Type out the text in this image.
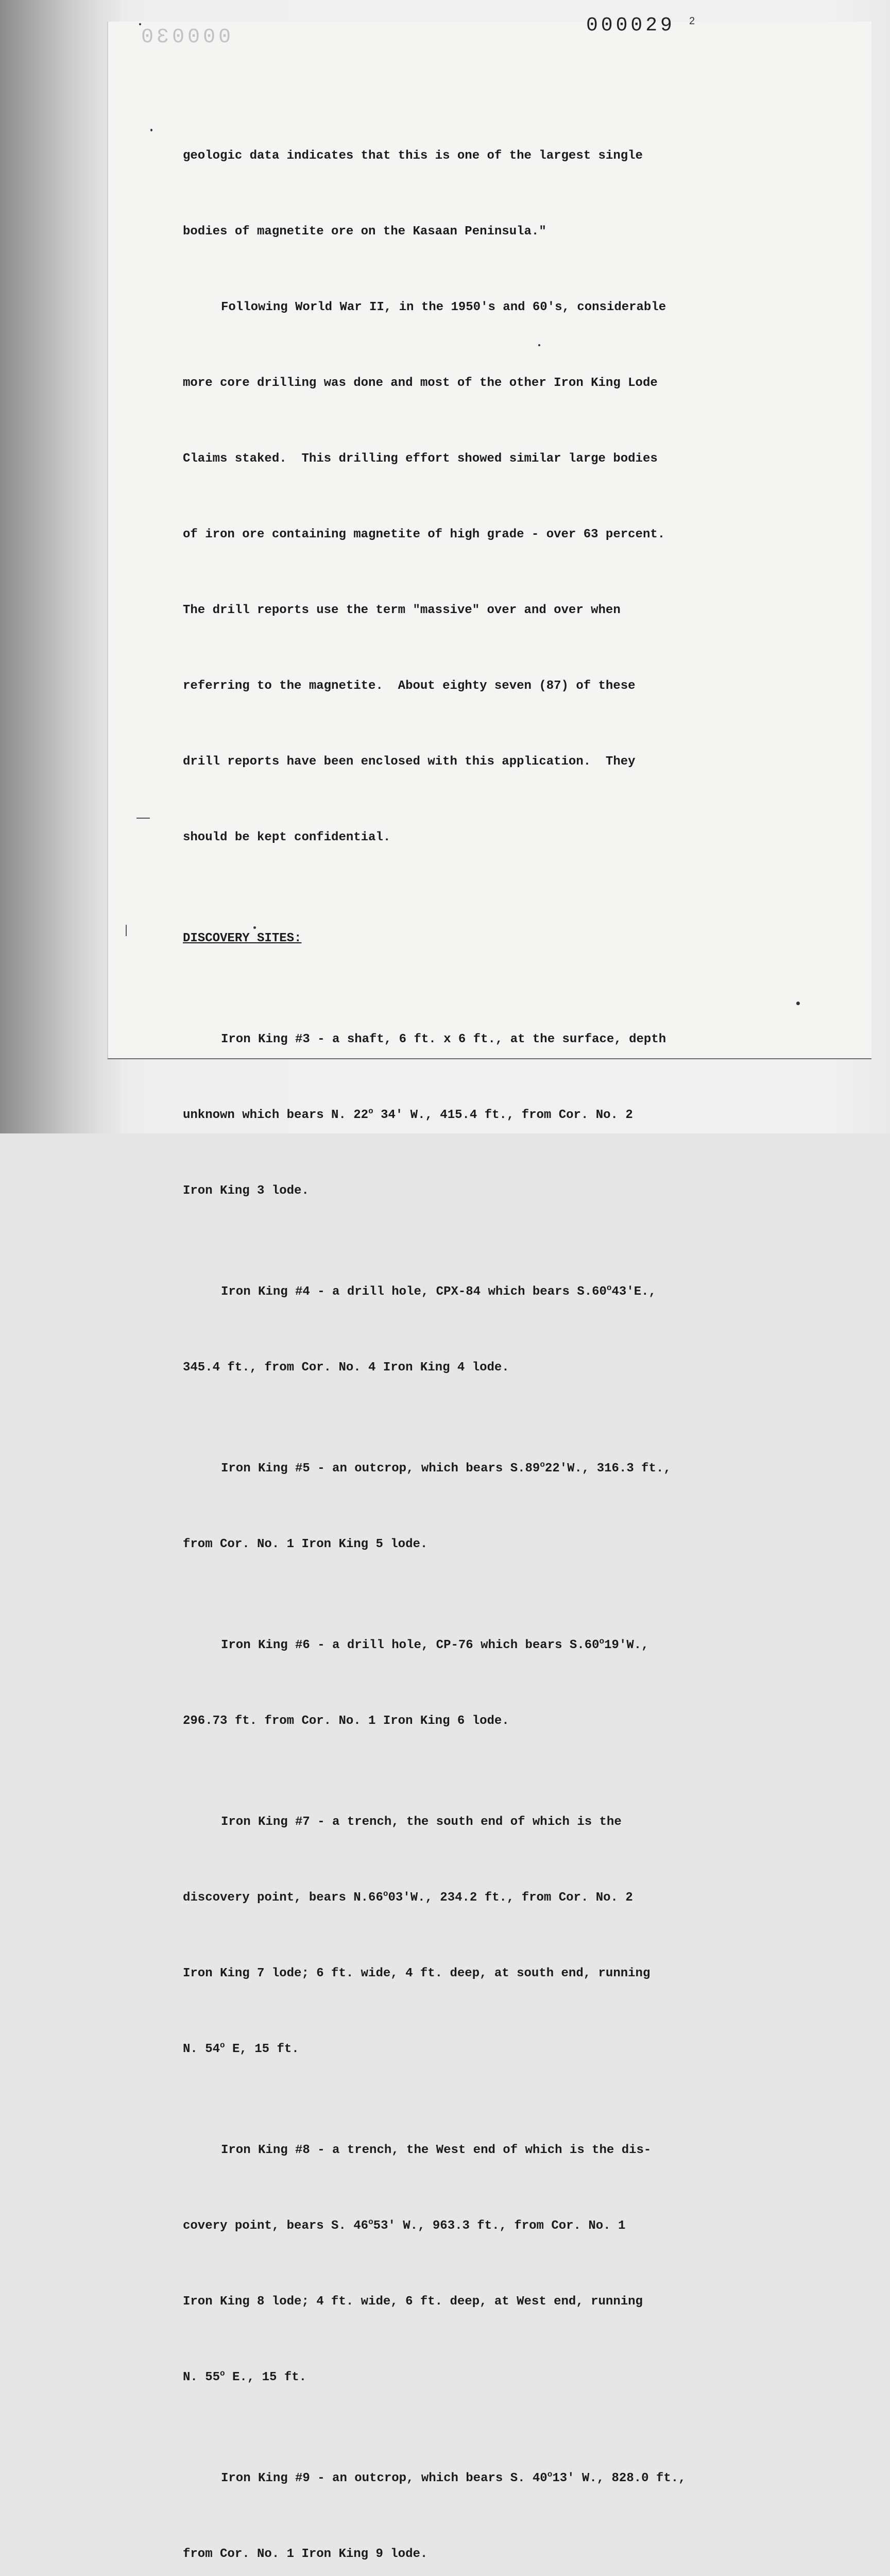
000030
000029 2

geologic data indicates that this is one of the largest single

bodies of magnetite ore on the Kasaan Peninsula."

Following World War II, in the 1950's and 60's, considerable

more core drilling was done and most of the other Iron King Lode

Claims staked.  This drilling effort showed similar large bodies

of iron ore containing magnetite of high grade - over 63 percent.

The drill reports use the term "massive" over and over when

referring to the magnetite.  About eighty seven (87) of these

drill reports have been enclosed with this application.  They

should be kept confidential.

DISCOVERY SITES:

Iron King #3 - a shaft, 6 ft. x 6 ft., at the surface, depth

unknown which bears N. 22$^o$ 34' W., 415.4 ft., from Cor. No. 2

Iron King 3 lode.

Iron King #4 - a drill hole, CPX-84 which bears S.60$^o$43'E.,

345.4 ft., from Cor. No. 4 Iron King 4 lode.

Iron King #5 - an outcrop, which bears S.89$^o$22'W., 316.3 ft.,

from Cor. No. 1 Iron King 5 lode.

Iron King #6 - a drill hole, CP-76 which bears S.60$^o$19'W.,

296.73 ft. from Cor. No. 1 Iron King 6 lode.

Iron King #7 - a trench, the south end of which is the

discovery point, bears N.66$^o$03'W., 234.2 ft., from Cor. No. 2

Iron King 7 lode; 6 ft. wide, 4 ft. deep, at south end, running

N. 54$^o$ E, 15 ft.

Iron King #8 - a trench, the West end of which is the dis-

covery point, bears S. 46$^o$53' W., 963.3 ft., from Cor. No. 1

Iron King 8 lode; 4 ft. wide, 6 ft. deep, at West end, running

N. 55$^o$ E., 15 ft.

Iron King #9 - an outcrop, which bears S. 40$^o$13' W., 828.0 ft.,

from Cor. No. 1 Iron King 9 lode.
